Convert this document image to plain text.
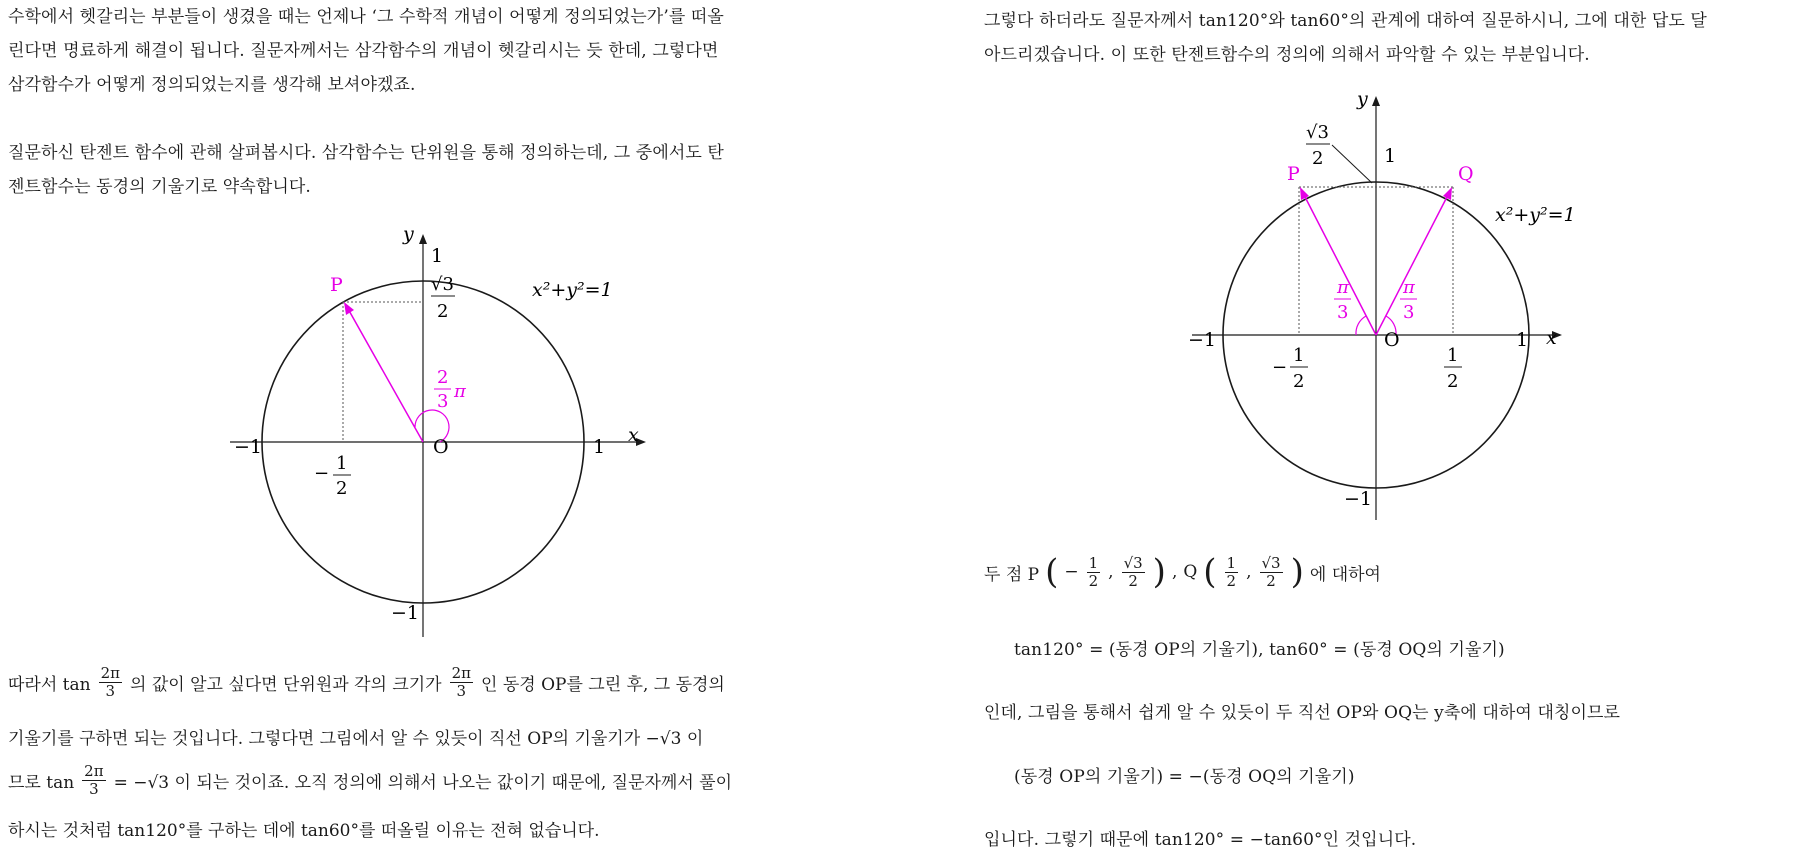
수학에서 헷갈리는 부분들이 생겼을 때는 언제나 ‘그 수학적 개념이 어떻게 정의되었는가’를 떠올

린다면 명료하게 해결이 됩니다. 질문자께서는 삼각함수의 개념이 헷갈리시는 듯 한데, 그렇다면

삼각함수가 어떻게 정의되었는지를 생각해 보셔야겠죠.

질문하신 탄젠트 함수에 관해 살펴봅시다. 삼각함수는 단위원을 통해 정의하는데, 그 중에서도 탄

젠트함수는 동경의 기울기로 약속합니다.

y
x
O
1
1
−1
−1
P	√3
2
− 1
2
2
3 π
x²+y²=1
따라서 $\tan \frac{2\pi}{3}$ 의 값이 알고 싶다면 단위원과 각의 크기가 $\frac{2\pi}{3}$ 인 동경 OP를 그린 후, 그 동경의
기울기를 구하면 되는 것입니다. 그렇다면 그림에서 알 수 있듯이 직선 OP의 기울기가 −√3 이
므로 $\tan \frac{2\pi}{3} = -√3$ 이 되는 것이죠. 오직 정의에 의해서 나오는 값이기 때문에, 질문자께서 풀이
하시는 것처럼 tan120°를 구하는 데에 tan60°를 떠올릴 이유는 전혀 없습니다.

그렇다 하더라도 질문자께서 tan120°와 tan60°의 관계에 대하여 질문하시니, 그에 대한 답도 달

아드리겠습니다. 이 또한 탄젠트함수의 정의에 의해서 파악할 수 있는 부분입니다.

y
x
O
1
1
−1
−1
P	Q
√3
2
−
1
2
1
2
π
3
π
3
x²+y²=1
두 점 P ( − $\frac{1}{2}$ , $\frac{√3}{2}$ ) , Q ( $\frac{1}{2}$ , $\frac{√3}{2}$ ) 에 대하여

tan120° = (동경 OP의 기울기), tan60° = (동경 OQ의 기울기)

인데, 그림을 통해서 쉽게 알 수 있듯이 두 직선 OP와 OQ는 y축에 대하여 대칭이므로

(동경 OP의 기울기) = −(동경 OQ의 기울기)

입니다. 그렇기 때문에 tan120° = −tan60°인 것입니다.
